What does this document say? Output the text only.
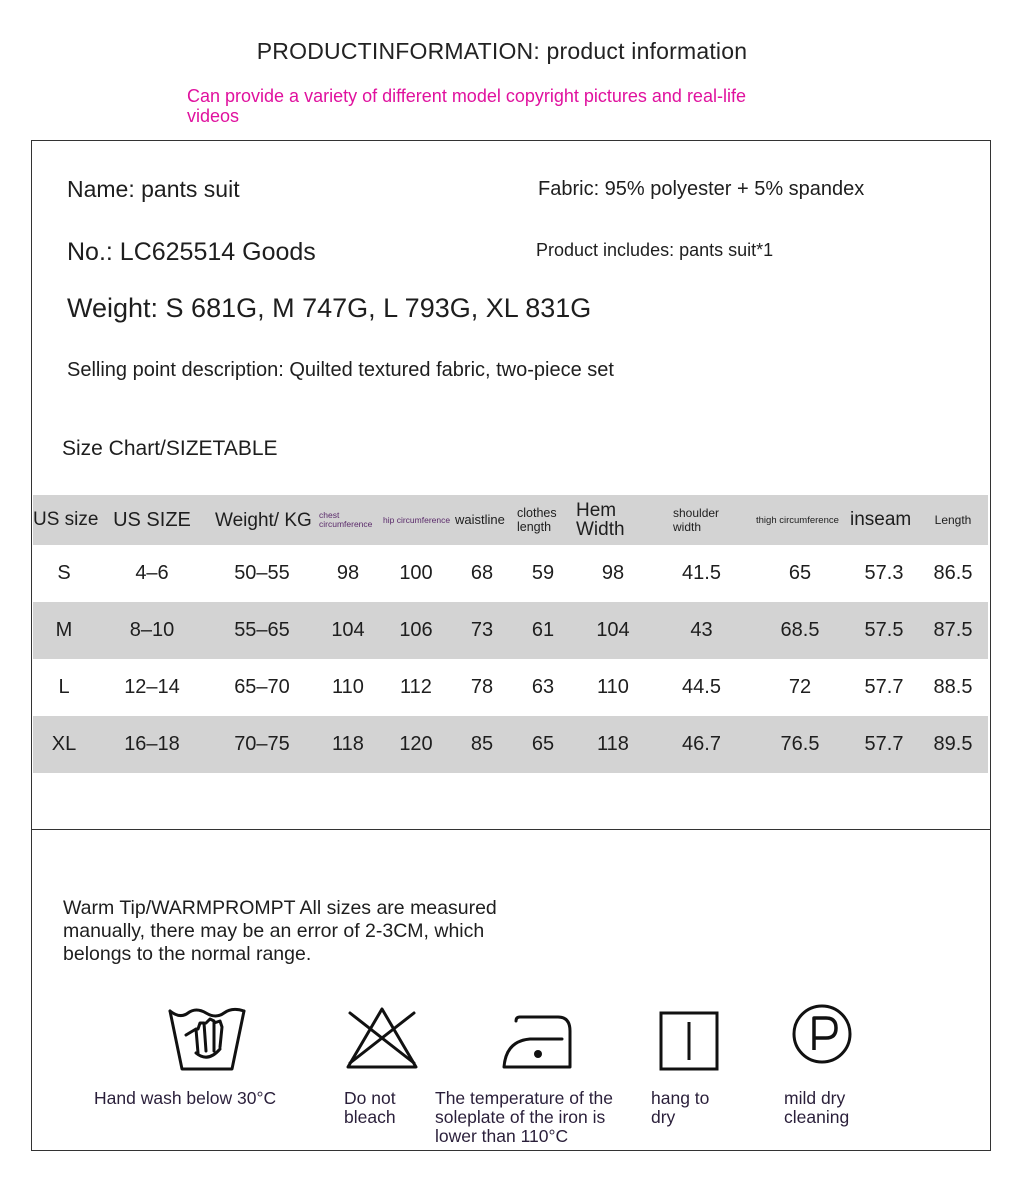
PRODUCTINFORMATION: product information
Can provide a variety of different model copyright pictures and real-life videos
Name: pants suit	Fabric: 95% polyester + 5% spandex
No.: LC625514 Goods	Product includes: pants suit*1
Weight: S 681G, M 747G, L 793G, XL 831G
Selling point description: Quilted textured fabric, two-piece set
Size Chart/SIZETABLE
US size	US SIZE	Weight/ KG	chest circumference	hip circumference	waistline	clothes length	Hem Width	shoulder width	thigh circumference	inseam	Length
S	4–6	50–55	98	100	68	59	98	41.5	65	57.3	86.5
M	8–10	55–65	104	106	73	61	104	43	68.5	57.5	87.5
L	12–14	65–70	110	112	78	63	110	44.5	72	57.7	88.5
XL	16–18	70–75	118	120	85	65	118	46.7	76.5	57.7	89.5
Warm Tip/WARMPROMPT All sizes are measured manually, there may be an error of 2-3CM, which belongs to the normal range.
Hand wash below 30°C	Do not bleach
The temperature of the soleplate of the iron is lower than 110°C
hang to dry
mild dry cleaning
